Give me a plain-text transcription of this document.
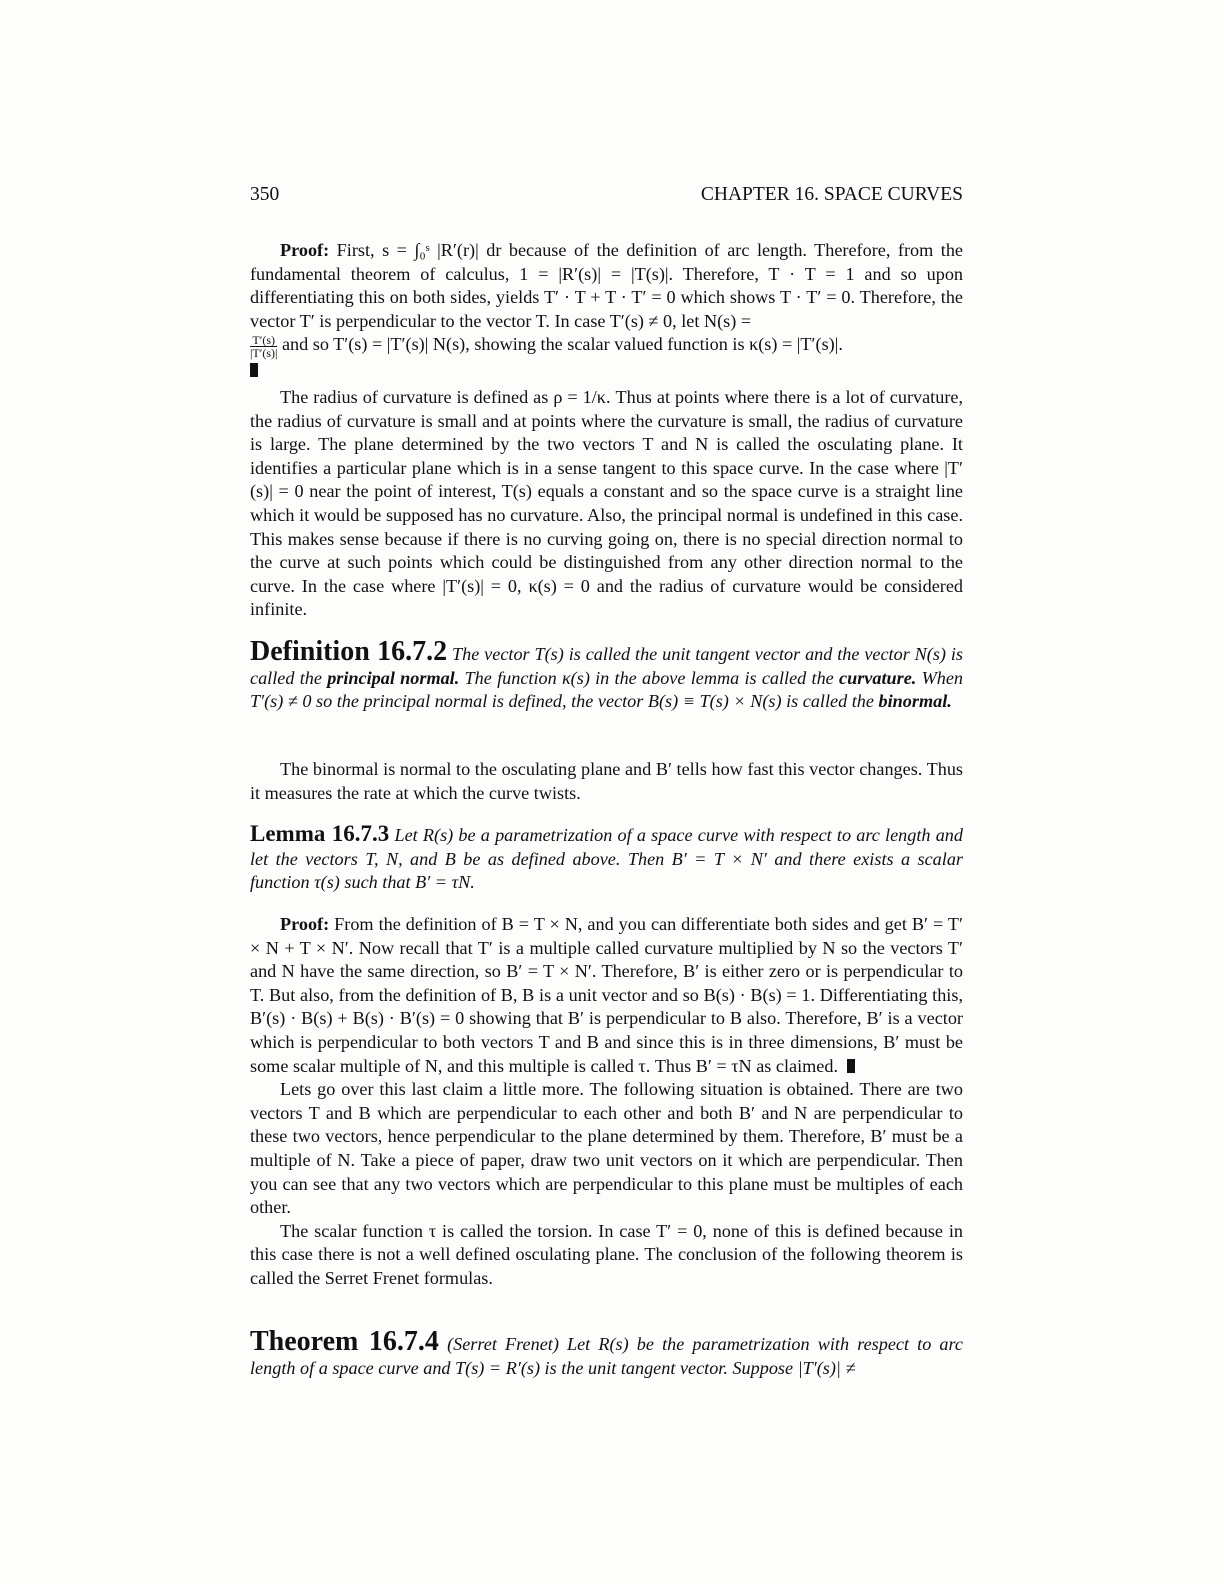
350	CHAPTER 16. SPACE CURVES

Proof: First, s = ∫₀ˢ |R′(r)| dr because of the definition of arc length. Therefore, from the fundamental theorem of calculus, 1 = |R′(s)| = |T(s)|. Therefore, T · T = 1 and so upon differentiating this on both sides, yields T′ · T + T · T′ = 0 which shows T · T′ = 0. Therefore, the vector T′ is perpendicular to the vector T. In case T′(s) ≠ 0, let N(s) =

$\frac{T'(s)}{|T'(s)|}$ and so T′(s) = |T′(s)| N(s), showing the scalar valued function is κ(s) = |T′(s)|.

The radius of curvature is defined as ρ = 1/κ. Thus at points where there is a lot of curvature, the radius of curvature is small and at points where the curvature is small, the radius of curvature is large. The plane determined by the two vectors T and N is called the osculating plane. It identifies a particular plane which is in a sense tangent to this space curve. In the case where |T′(s)| = 0 near the point of interest, T(s) equals a constant and so the space curve is a straight line which it would be supposed has no curvature. Also, the principal normal is undefined in this case. This makes sense because if there is no curving going on, there is no special direction normal to the curve at such points which could be distinguished from any other direction normal to the curve. In the case where |T′(s)| = 0, κ(s) = 0 and the radius of curvature would be considered infinite.

Definition 16.7.2 The vector T(s) is called the unit tangent vector and the vector N(s) is called the principal normal. The function κ(s) in the above lemma is called the curvature. When T′(s) ≠ 0 so the principal normal is defined, the vector B(s) ≡ T(s) × N(s) is called the binormal.

The binormal is normal to the osculating plane and B′ tells how fast this vector changes. Thus it measures the rate at which the curve twists.

Lemma 16.7.3 Let R(s) be a parametrization of a space curve with respect to arc length and let the vectors T, N, and B be as defined above. Then B′ = T × N′ and there exists a scalar function τ(s) such that B′ = τN.

Proof: From the definition of B = T × N, and you can differentiate both sides and get B′ = T′ × N + T × N′. Now recall that T′ is a multiple called curvature multiplied by N so the vectors T′ and N have the same direction, so B′ = T × N′. Therefore, B′ is either zero or is perpendicular to T. But also, from the definition of B, B is a unit vector and so B(s) · B(s) = 1. Differentiating this, B′(s) · B(s) + B(s) · B′(s) = 0 showing that B′ is perpendicular to B also. Therefore, B′ is a vector which is perpendicular to both vectors T and B and since this is in three dimensions, B′ must be some scalar multiple of N, and this multiple is called τ. Thus B′ = τN as claimed.

Lets go over this last claim a little more. The following situation is obtained. There are two vectors T and B which are perpendicular to each other and both B′ and N are perpendicular to these two vectors, hence perpendicular to the plane determined by them. Therefore, B′ must be a multiple of N. Take a piece of paper, draw two unit vectors on it which are perpendicular. Then you can see that any two vectors which are perpendicular to this plane must be multiples of each other.

The scalar function τ is called the torsion. In case T′ = 0, none of this is defined because in this case there is not a well defined osculating plane. The conclusion of the following theorem is called the Serret Frenet formulas.

Theorem 16.7.4 (Serret Frenet) Let R(s) be the parametrization with respect to arc length of a space curve and T(s) = R′(s) is the unit tangent vector. Suppose |T′(s)| ≠
